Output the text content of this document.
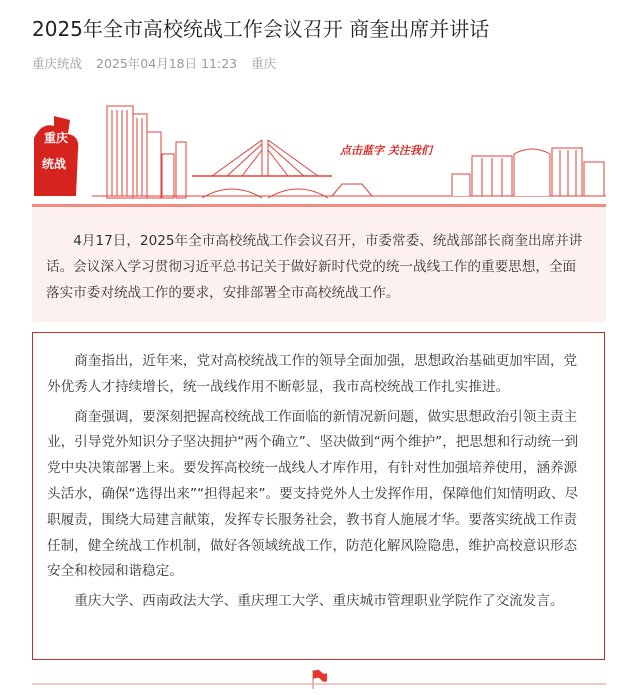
2025年全市高校统战工作会议召开 商奎出席并讲话
重庆统战 2025年04月18日 11:23 重庆
重庆
统战
点击蓝字 关注我们

4月17日，2025年全市高校统战工作会议召开，市委常委、统战部部长商奎出席并讲话。会议深入学习贯彻习近平总书记关于做好新时代党的统一战线工作的重要思想，全面落实市委对统战工作的要求，安排部署全市高校统战工作。

商奎指出，近年来，党对高校统战工作的领导全面加强，思想政治基础更加牢固，党外优秀人才持续增长，统一战线作用不断彰显，我市高校统战工作扎实推进。

商奎强调，要深刻把握高校统战工作面临的新情况新问题，做实思想政治引领主责主业，引导党外知识分子坚决拥护“两个确立”、坚决做到“两个维护”，把思想和行动统一到党中央决策部署上来。要发挥高校统一战线人才库作用，有针对性加强培养使用，涵养源头活水，确保“选得出来”“担得起来”。要支持党外人士发挥作用，保障他们知情明政、尽职履责，围绕大局建言献策，发挥专长服务社会，教书育人施展才华。要落实统战工作责任制，健全统战工作机制，做好各领域统战工作，防范化解风险隐患，维护高校意识形态安全和校园和谐稳定。

重庆大学、西南政法大学、重庆理工大学、重庆城市管理职业学院作了交流发言。
